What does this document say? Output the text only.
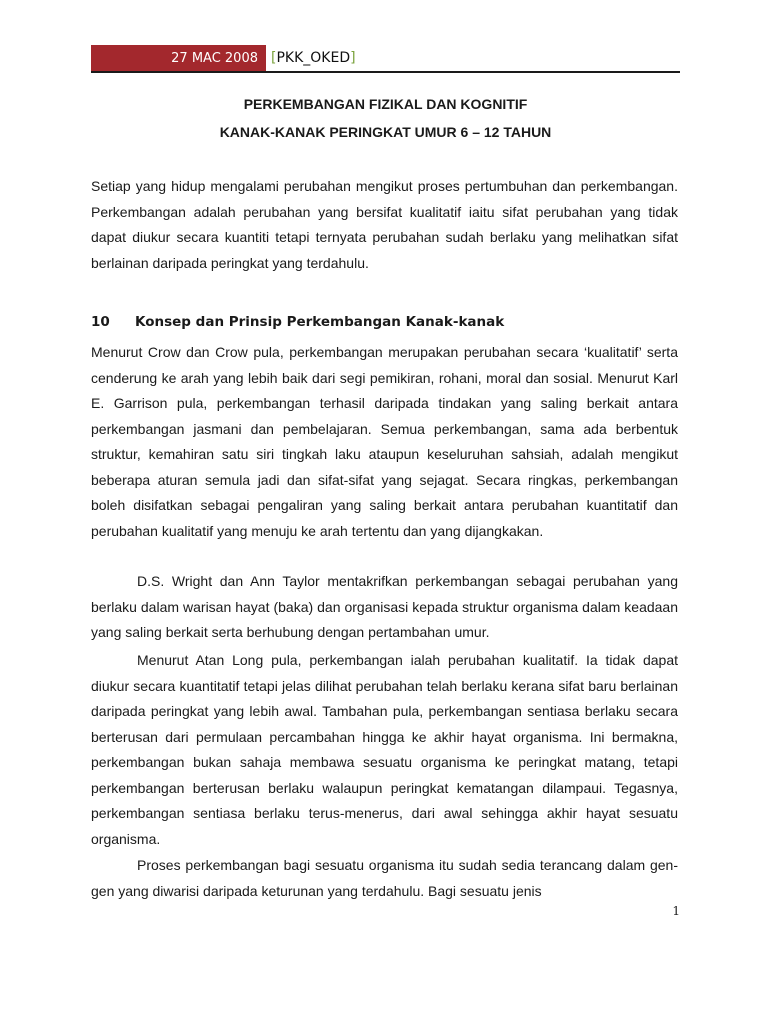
27 MAC 2008 [PKK_OKED]
PERKEMBANGAN FIZIKAL DAN KOGNITIF
KANAK-KANAK PERINGKAT UMUR 6 – 12 TAHUN
Setiap yang hidup mengalami perubahan mengikut proses pertumbuhan dan perkembangan. Perkembangan adalah perubahan yang bersifat kualitatif iaitu sifat perubahan yang tidak dapat diukur secara kuantiti tetapi ternyata perubahan sudah berlaku yang melihatkan sifat berlainan daripada peringkat yang terdahulu.
10 Konsep dan Prinsip Perkembangan Kanak-kanak
Menurut Crow dan Crow pula, perkembangan merupakan perubahan secara ‘kualitatif’ serta cenderung ke arah yang lebih baik dari segi pemikiran, rohani, moral dan sosial. Menurut Karl E. Garrison pula, perkembangan terhasil daripada tindakan yang saling berkait antara perkembangan jasmani dan pembelajaran. Semua perkembangan, sama ada berbentuk struktur, kemahiran satu siri tingkah laku ataupun keseluruhan sahsiah, adalah mengikut beberapa aturan semula jadi dan sifat-sifat yang sejagat. Secara ringkas, perkembangan boleh disifatkan sebagai pengaliran yang saling berkait antara perubahan kuantitatif dan perubahan kualitatif yang menuju ke arah tertentu dan yang dijangkakan.
D.S. Wright dan Ann Taylor mentakrifkan perkembangan sebagai perubahan yang berlaku dalam warisan hayat (baka) dan organisasi kepada struktur organisma dalam keadaan yang saling berkait serta berhubung dengan pertambahan umur.
Menurut Atan Long pula, perkembangan ialah perubahan kualitatif. Ia tidak dapat diukur secara kuantitatif tetapi jelas dilihat perubahan telah berlaku kerana sifat baru berlainan daripada peringkat yang lebih awal. Tambahan pula, perkembangan sentiasa berlaku secara berterusan dari permulaan percambahan hingga ke akhir hayat organisma. Ini bermakna, perkembangan bukan sahaja membawa sesuatu organisma ke peringkat matang, tetapi perkembangan berterusan berlaku walaupun peringkat kematangan dilampaui. Tegasnya, perkembangan sentiasa berlaku terus-menerus, dari awal sehingga akhir hayat sesuatu organisma.
Proses perkembangan bagi sesuatu organisma itu sudah sedia terancang dalam gen-gen yang diwarisi daripada keturunan yang terdahulu. Bagi sesuatu jenis
1
